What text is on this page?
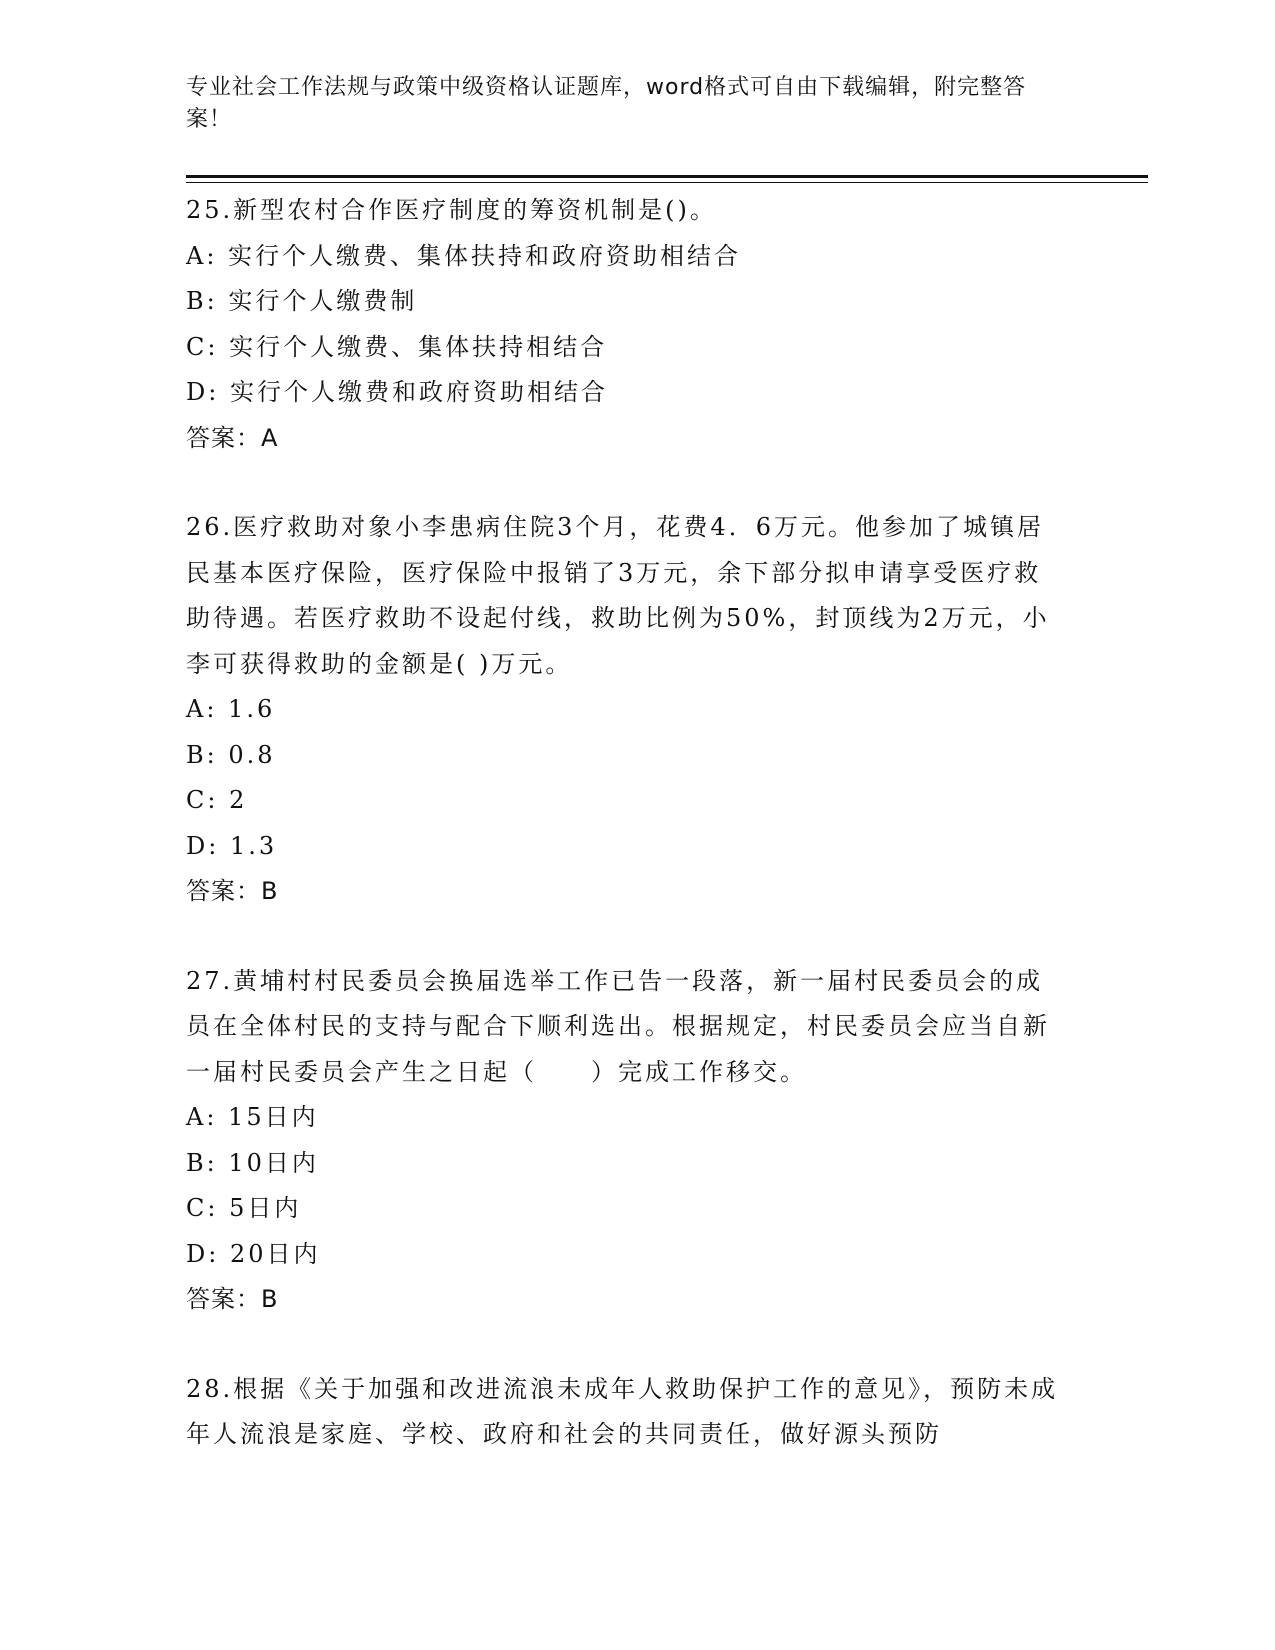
专业社会工作法规与政策中级资格认证题库，word格式可自由下载编辑，附完整答案！
25.新型农村合作医疗制度的筹资机制是()。
A: 实行个人缴费、集体扶持和政府资助相结合
B: 实行个人缴费制
C: 实行个人缴费、集体扶持相结合
D: 实行个人缴费和政府资助相结合
答案：A
26.医疗救助对象小李患病住院3个月，花费4．6万元。他参加了城镇居民基本医疗保险，医疗保险中报销了3万元，余下部分拟申请享受医疗救助待遇。若医疗救助不设起付线，救助比例为50%，封顶线为2万元，小李可获得救助的金额是( )万元。
A: 1.6
B: 0.8
C: 2
D: 1.3
答案：B
27.黄埔村村民委员会换届选举工作已告一段落，新一届村民委员会的成员在全体村民的支持与配合下顺利选出。根据规定，村民委员会应当自新一届村民委员会产生之日起（　　）完成工作移交。
A: 15日内
B: 10日内
C: 5日内
D: 20日内
答案：B
28.根据《关于加强和改进流浪未成年人救助保护工作的意见》，预防未成年人流浪是家庭、学校、政府和社会的共同责任，做好源头预防
